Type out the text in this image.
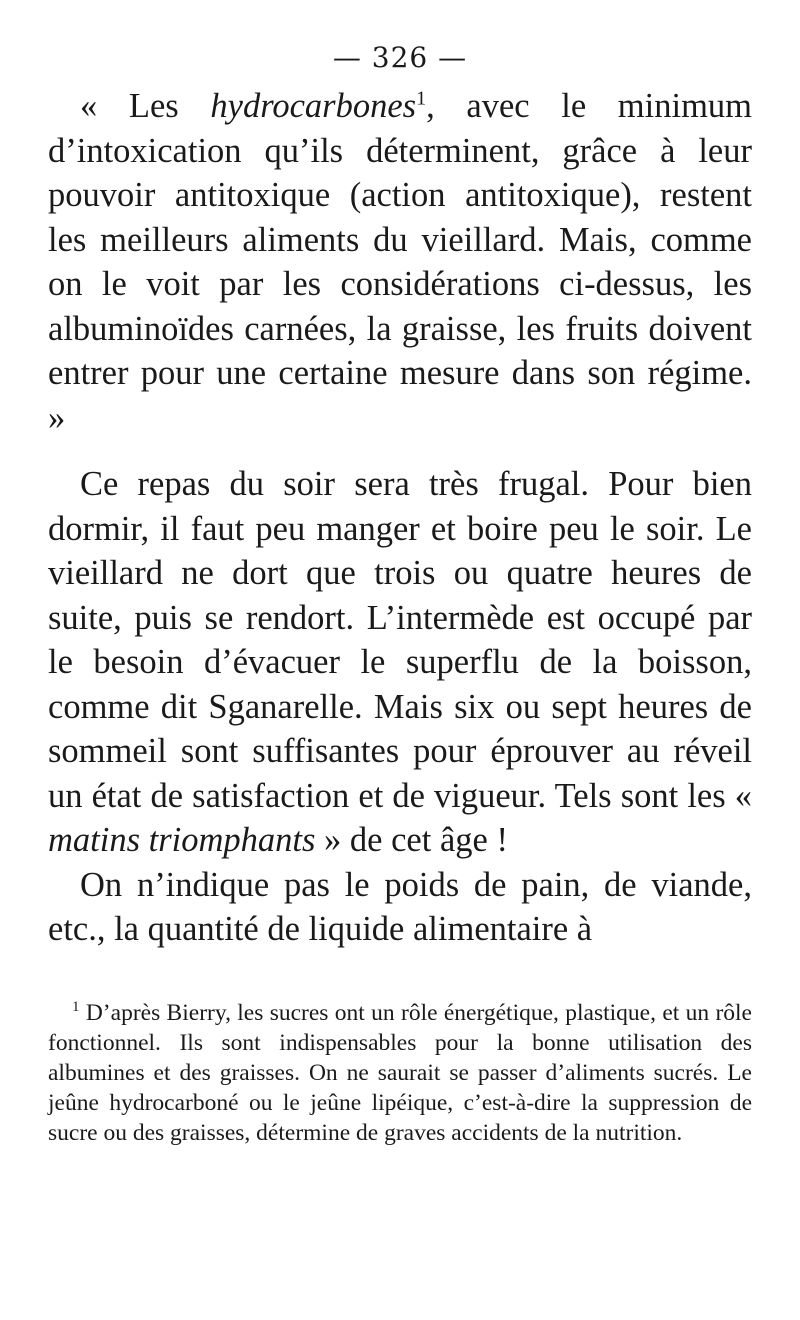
— 326 —

« Les hydrocarbones$^1$, avec le minimum d’intoxication qu’ils déterminent, grâce à leur pouvoir antitoxique (action antitoxique), restent les meilleurs aliments du vieillard. Mais, comme on le voit par les considérations ci-dessus, les albuminoïdes carnées, la graisse, les fruits doivent entrer pour une certaine mesure dans son régime. »

Ce repas du soir sera très frugal. Pour bien dormir, il faut peu manger et boire peu le soir. Le vieillard ne dort que trois ou quatre heures de suite, puis se rendort. L’intermède est occupé par le besoin d’évacuer le superflu de la boisson, comme dit Sganarelle. Mais six ou sept heures de sommeil sont suffisantes pour éprouver au réveil un état de satisfaction et de vigueur. Tels sont les « matins triomphants » de cet âge !

On n’indique pas le poids de pain, de viande, etc., la quantité de liquide alimentaire à

$^1$ D’après Bierry, les sucres ont un rôle énergétique, plastique, et un rôle fonctionnel. Ils sont indispensables pour la bonne utilisation des albumines et des graisses. On ne saurait se passer d’aliments sucrés. Le jeûne hydrocarboné ou le jeûne lipéique, c’est-à-dire la suppression de sucre ou des graisses, détermine de graves accidents de la nutrition.
